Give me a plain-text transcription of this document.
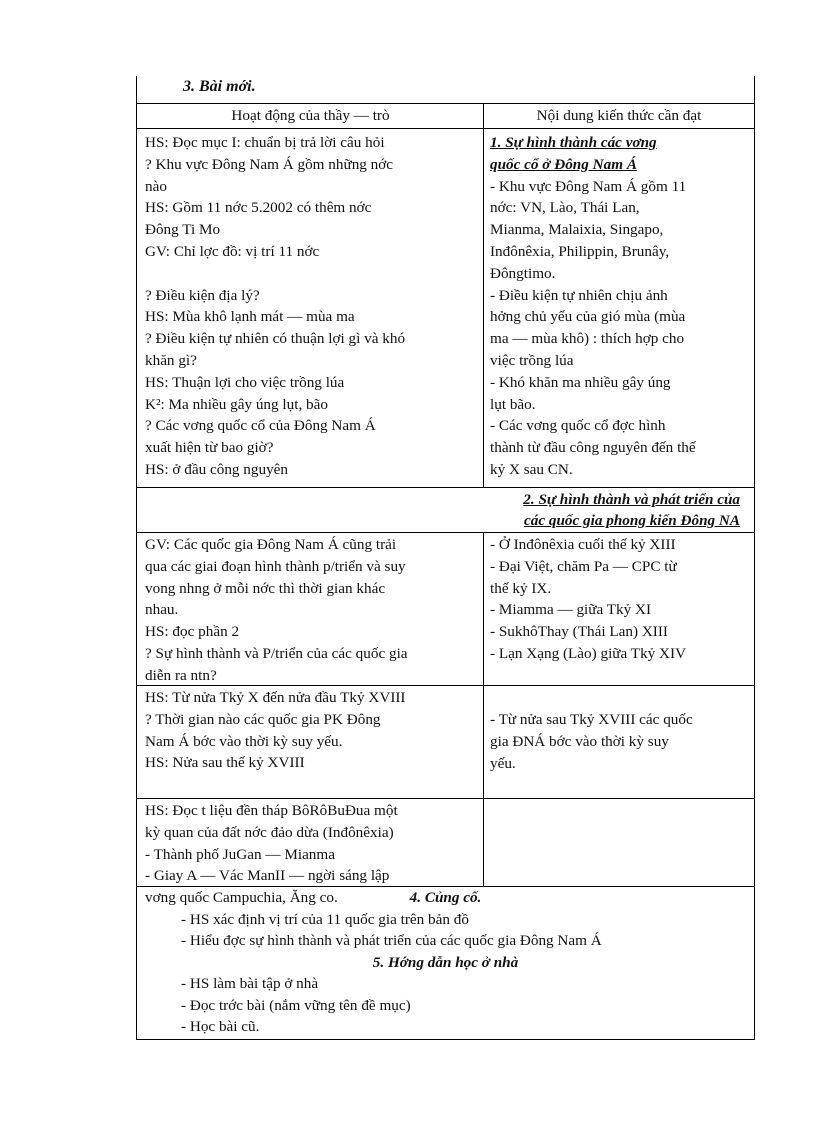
3. Bài mới.
Hoạt động của thầy — trò	Nội dung kiến thức cần đạt
HS: Đọc mục I: chuẩn bị trả lời câu hỏi
? Khu vực Đông Nam Á gồm những nớc
nào
HS: Gồm 11 nớc 5.2002 có thêm nớc
Đông Ti Mo
GV: Chỉ lợc đồ: vị trí 11 nớc
? Điều kiện địa lý?
HS: Mùa khô lạnh mát — mùa ma
? Điều kiện tự nhiên có thuận lợi gì và khó
khăn gì?
HS: Thuận lợi cho việc trồng lúa
K²: Ma nhiều gây úng lụt, bão
? Các vơng quốc cổ của Đông Nam Á
xuất hiện từ bao giờ?
HS: ở đầu công nguyên
1. Sự hình thành các vơng
quốc cổ ở Đông Nam Á
- Khu vực Đông Nam Á gồm 11
nớc: VN, Lào, Thái Lan,
Mianma, Malaixia, Singapo,
Inđônêxia, Philippin, Brunây,
Đôngtimo.
- Điều kiện tự nhiên chịu ảnh
hởng chủ yếu của gió mùa (mùa
ma — mùa khô) : thích hợp cho
việc trồng lúa
- Khó khăn ma nhiều gây úng
lụt bão.
- Các vơng quốc cổ đợc hình
thành từ đầu công nguyên đến thế
kỷ X sau CN.
2. Sự hình thành và phát triển của
các quốc gia phong kiến Đông NA
GV: Các quốc gia Đông Nam Á cũng trải
qua các giai đoạn hình thành p/triển và suy
vong nhng ở mỗi nớc thì thời gian khác
nhau.
HS: đọc phần 2
? Sự hình thành và P/triển của các quốc gia
diễn ra ntn?
- Ở Inđônêxia cuối thế kỷ XIII
- Đại Việt, chăm Pa — CPC từ
thế kỷ IX.
- Miamma — giữa Tkỷ XI
- SukhôThay (Thái Lan) XIII
- Lạn Xạng (Lào) giữa Tkỷ XIV
HS: Từ nửa Tkỷ X đến nửa đầu Tkỷ XVIII
? Thời gian nào các quốc gia PK Đông
Nam Á bớc vào thời kỳ suy yếu.
HS: Nửa sau thế kỷ XVIII
- Từ nửa sau Tkỷ XVIII các quốc
gia ĐNÁ bớc vào thời kỳ suy
yếu.
HS: Đọc t liệu đền tháp BôRôBuĐua một
kỳ quan của đất nớc đảo dừa (Inđônêxia)
- Thành phố JuGan — Mianma
- Giay A — Vác ManII — ngời sáng lập
vơng quốc Campuchia, Ăng co.	4. Củng cố.
- HS xác định vị trí của 11 quốc gia trên bản đồ
- Hiểu đợc sự hình thành và phát triển của các quốc gia Đông Nam Á
5. Hớng dẫn học ở nhà
- HS làm bài tập ở nhà
- Đọc trớc bài (nắm vững tên đề mục)
- Học bài cũ.
